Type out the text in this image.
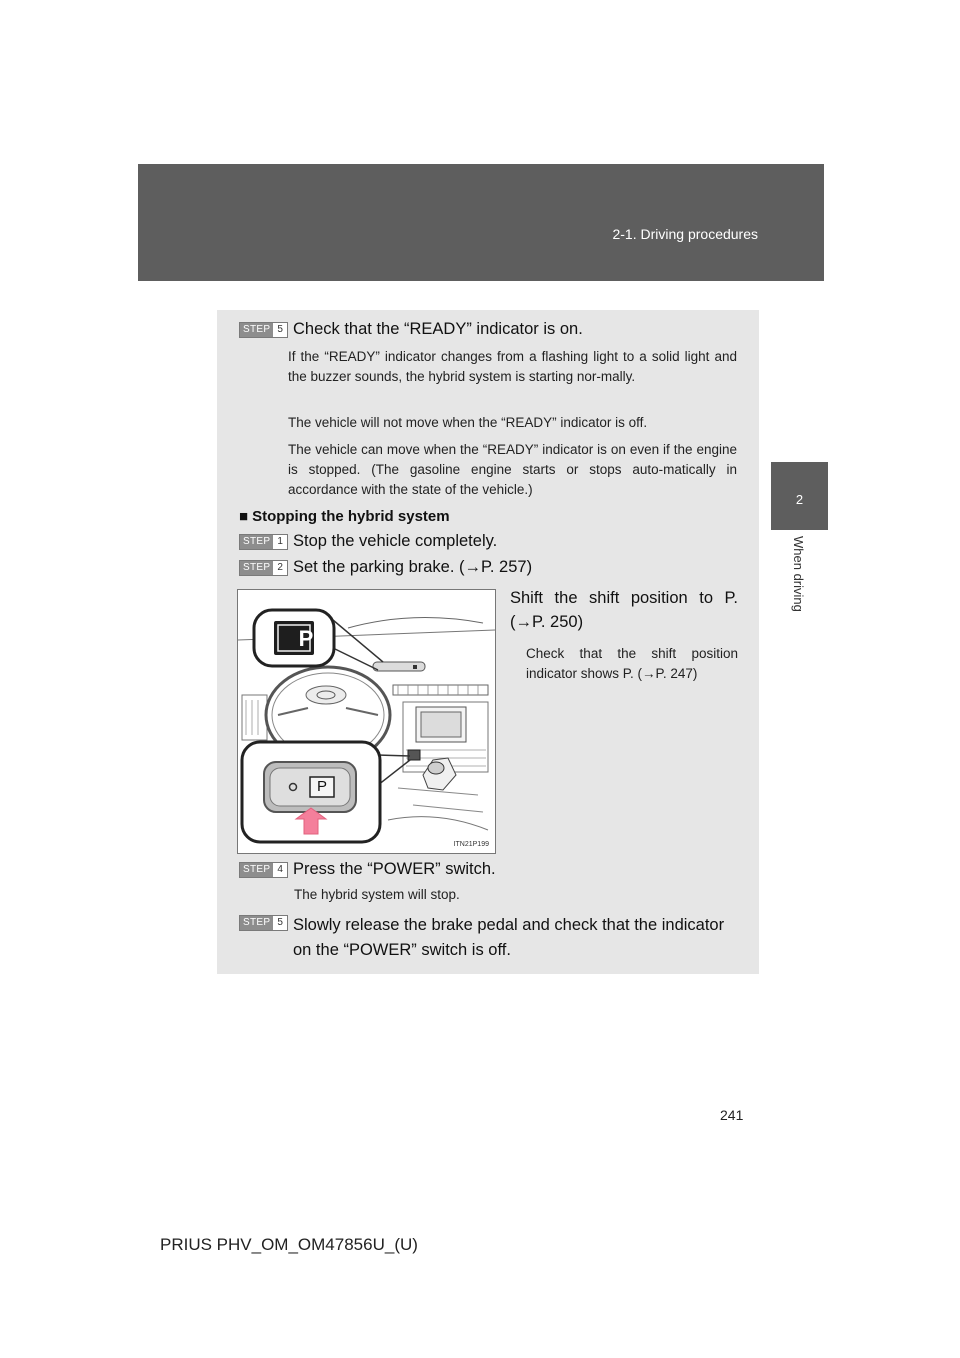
2-1. Driving procedures
2
When driving
STEP 5 Check that the “READY” indicator is on.
If the “READY” indicator changes from a flashing light to a solid light and the buzzer sounds, the hybrid system is starting nor-mally.
The vehicle will not move when the “READY” indicator is off.
The vehicle can move when the “READY” indicator is on even if the engine is stopped. (The gasoline engine starts or stops auto-matically in accordance with the state of the vehicle.)
■ Stopping the hybrid system
STEP 1 Stop the vehicle completely.
STEP 2 Set the parking brake. (→P. 257)
P
P
ITN21P199
Shift the shift position to P.
(→P. 250)
Check that the shift position indicator shows P. (→P. 247)
STEP 4 Press the “POWER” switch.
The hybrid system will stop.
STEP 5 Slowly release the brake pedal and check that the indicator on the “POWER” switch is off.
241
PRIUS PHV_OM_OM47856U_(U)
